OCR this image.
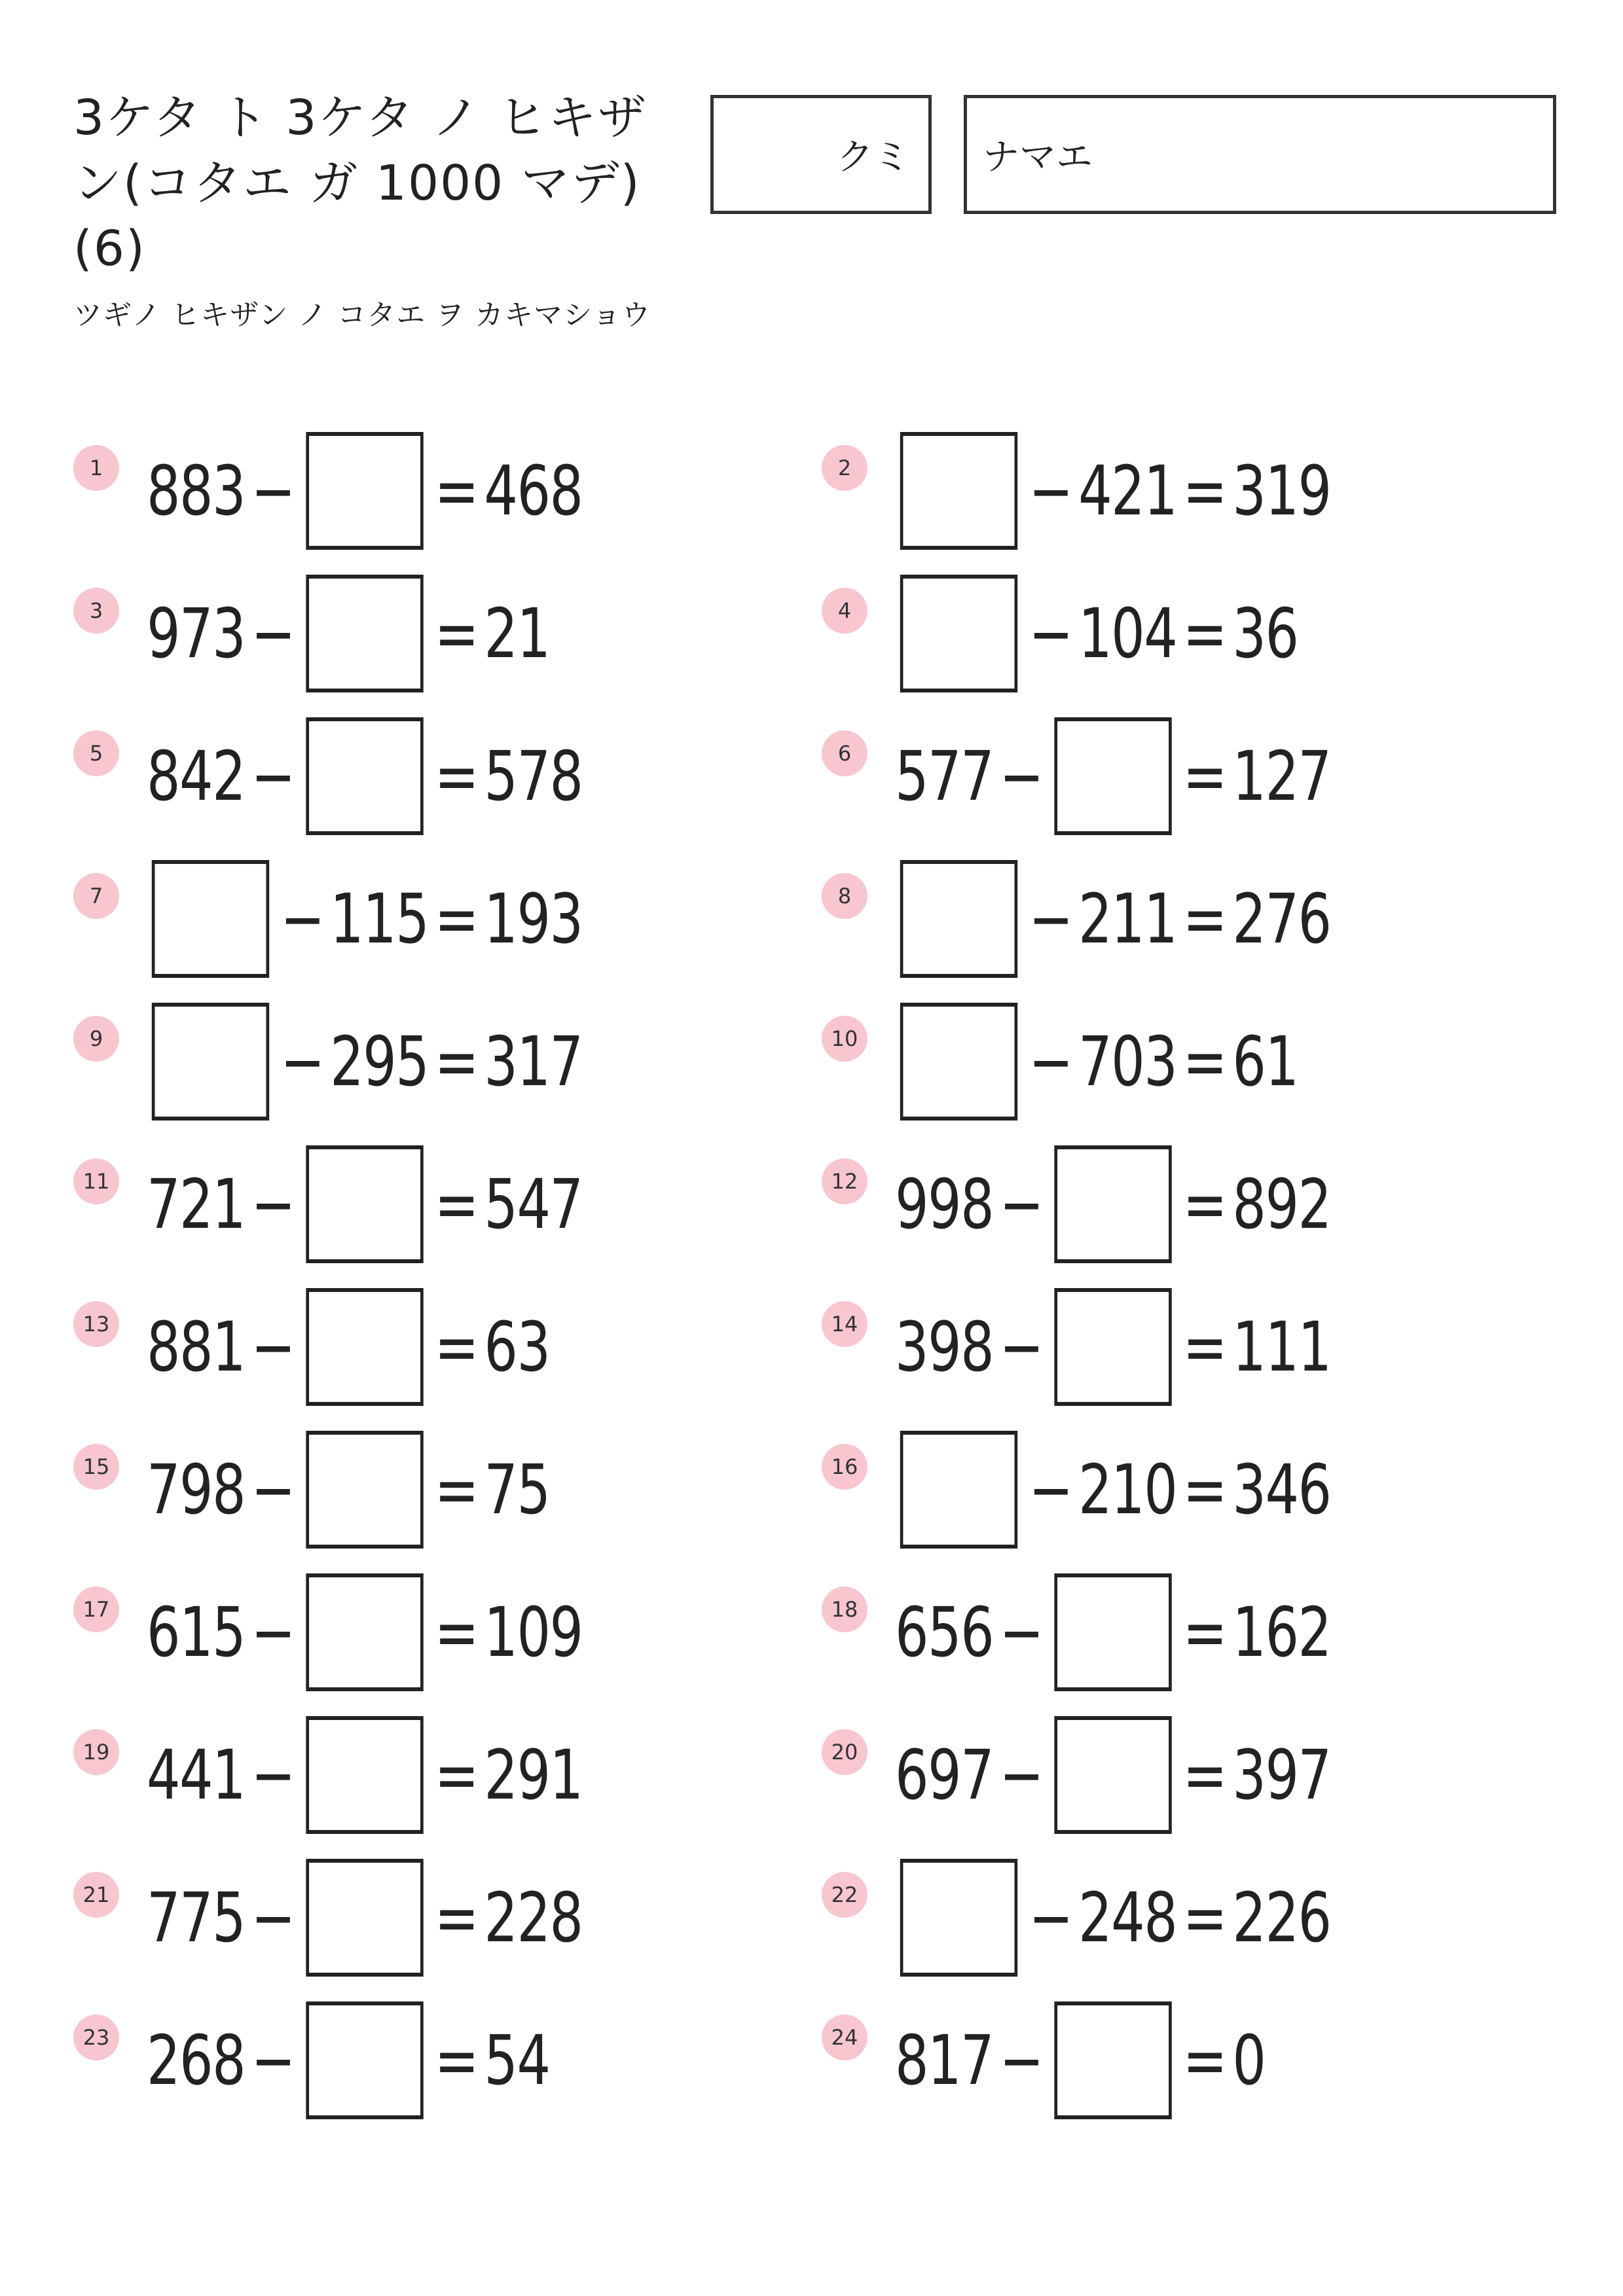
3ケタ ト 3ケタ ノ ヒキザン(コタエ ガ 1000 マデ)(6)
ツギノ ヒキザン ノ コタエ ヲ カキマショウ
クミ ナマエ
1 883 − = 468	2	− 421 = 319
3 973 − = 21	4	− 104 = 36
5 842 − = 578	6 577 − = 127
7	− 115 = 193	8	− 211 = 276
9	− 295 = 317	10	− 703 = 61
11 721 − = 547	12 998 − = 892
13 881 − = 63	14 398 − = 111
15 798 − = 75	16	− 210 = 346
17 615 − = 109	18 656 − = 162
19 441 − = 291	20 697 − = 397
21 775 − = 228	22	− 248 = 226
23 268 − = 54	24 817 − = 0
